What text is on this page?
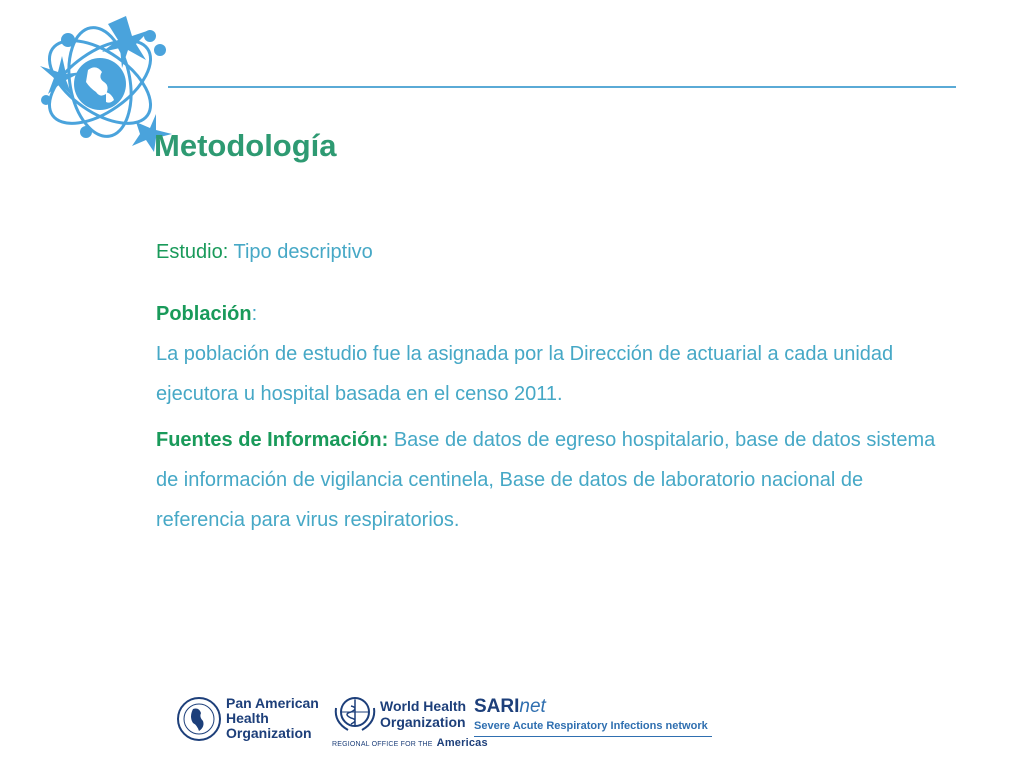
Metodología

Estudio: Tipo descriptivo

Población:
La población de estudio fue la asignada por la Dirección de actuarial a cada unidad ejecutora u hospital basada en el censo 2011.

Fuentes de Información: Base de datos de egreso hospitalario, base de datos sistema de información de vigilancia centinela, Base de datos de laboratorio nacional de referencia para virus respiratorios.

Pan American
Health
Organization
World Health
Organization
REGIONAL OFFICE FOR THE Americas
SARInet
Severe Acute Respiratory Infections network
